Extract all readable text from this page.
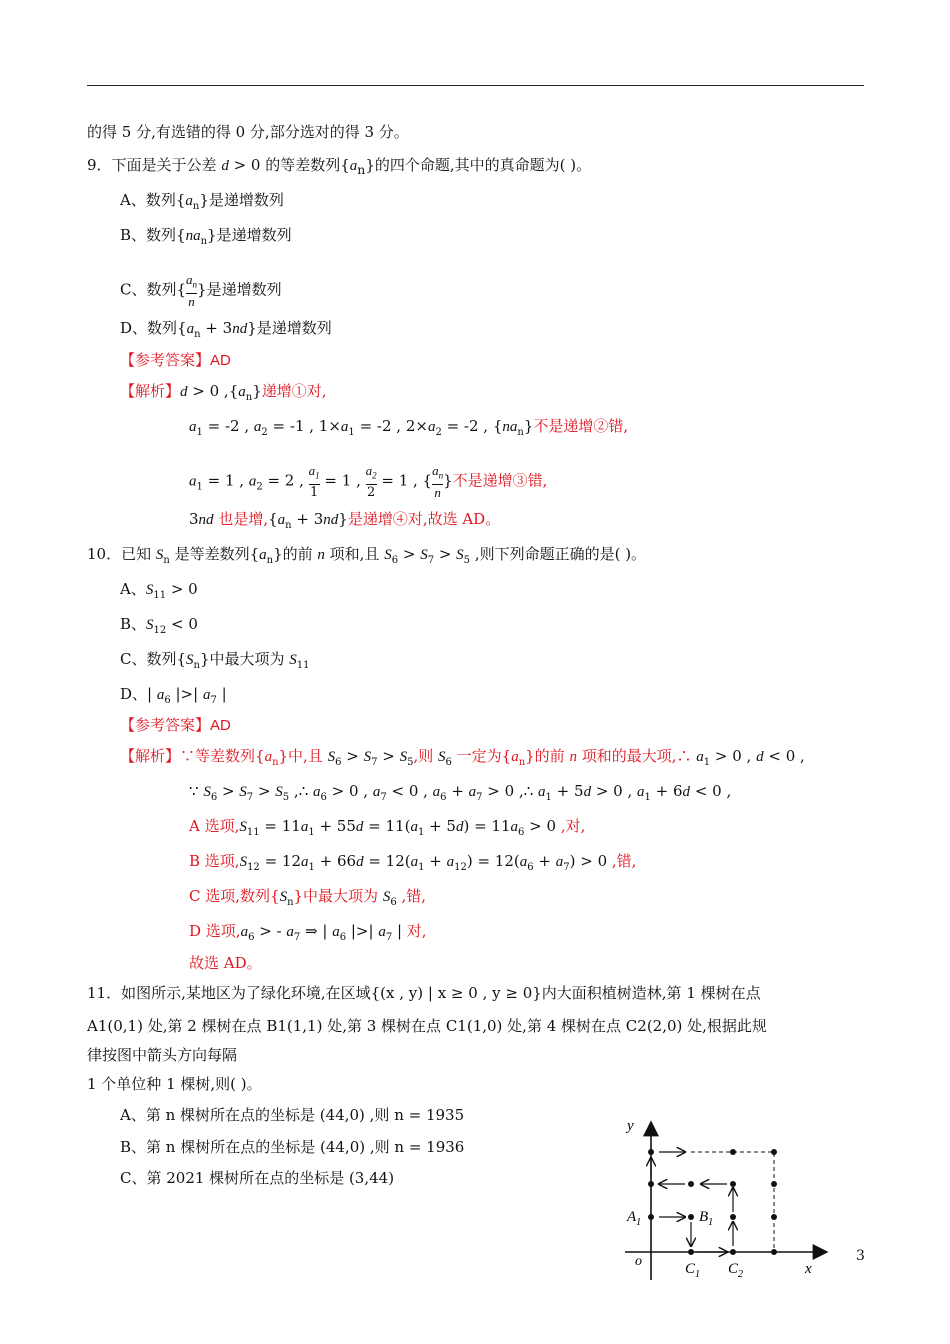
的得 5 分,有选错的得 0 分,部分选对的得 3 分。
9．下面是关于公差 d > 0 的等差数列$\{a_n\}$的四个命题,其中的真命题为( )。
A、数列$\{a_n\}$是递增数列
B、数列$\{na_n\}$是递增数列
C、数列{ $\frac{a_n}{n}$ }是递增数列
D、数列$\{a_n + 3nd\}$是递增数列
【参考答案】AD
【解析】d > 0 $,\{a_n\}$递增①对,
$a_1 = -2$ , $a_2 = -1$ , $1\times a_1 = -2$ , $2\times a_2 = -2$ , $\{na_n\}$不是递增②错,
$a_1 = 1$ , $a_2 = 2$ , $\frac{a_1}{1} = 1$ , $\frac{a_2}{2} = 1$ , { $\frac{a_n}{n}$ }不是递增③错,
3nd 也是增$,\{a_n + 3nd\}$是递增④对,故选 AD。
10．已知 $S_n$ 是等差数列$\{a_n\}$的前 n 项和,且 $S_6 > S_7 > S_5$ ,则下列命题正确的是( )。
A、$S_{11} > 0$
B、$S_{12} < 0$
C、数列$\{S_n\}$中最大项为 $S_{11}$
D、| $a_6$ |>| $a_7$ |
【参考答案】AD
【解析】∵等差数列$\{a_n\}$中,且 $S_6 > S_7 > S_5$,则 $S_6$ 一定为$\{a_n\}$的前 n 项和的最大项,∴ $a_1 > 0$ , d < 0 ,
∵ $S_6 > S_7 > S_5$ ,∴ $a_6 > 0$ , $a_7 < 0$ , $a_6 + a_7 > 0$ ,∴ $a_1 + 5d > 0$ , $a_1 + 6d < 0$ ,
A 选项$,S_{11} = 11a_1 + 55d = 11(a_1 + 5d) = 11a_6 > 0$ ,对,
B 选项$,S_{12} = 12a_1 + 66d = 12(a_1 + a_{12}) = 12(a_6 + a_7) > 0$ ,错,
C 选项,数列$\{S_n\}$中最大项为 $S_6$ ,错,
D 选项$,a_6$ > - $a_7$ ⇒ | $a_6$ |>| $a_7$ | 对,
故选 AD。
11．如图所示,某地区为了绿化环境,在区域{(x , y) | x ≥ 0 , y ≥ 0}内大面积植树造林,第 1 棵树在点
A1(0,1) 处,第 2 棵树在点 B1(1,1) 处,第 3 棵树在点 C1(1,0) 处,第 4 棵树在点 C2(2,0) 处,根据此规
律按图中箭头方向每隔
1 个单位种 1 棵树,则( )。
A、第 n 棵树所在点的坐标是 (44,0) ,则 n = 1935
B、第 n 棵树所在点的坐标是 (44,0) ,则 n = 1936
C、第 2021 棵树所在点的坐标是 (3,44)
y
x
o
$A_1$	$B_1$
$C_1$ $C_2$
3
